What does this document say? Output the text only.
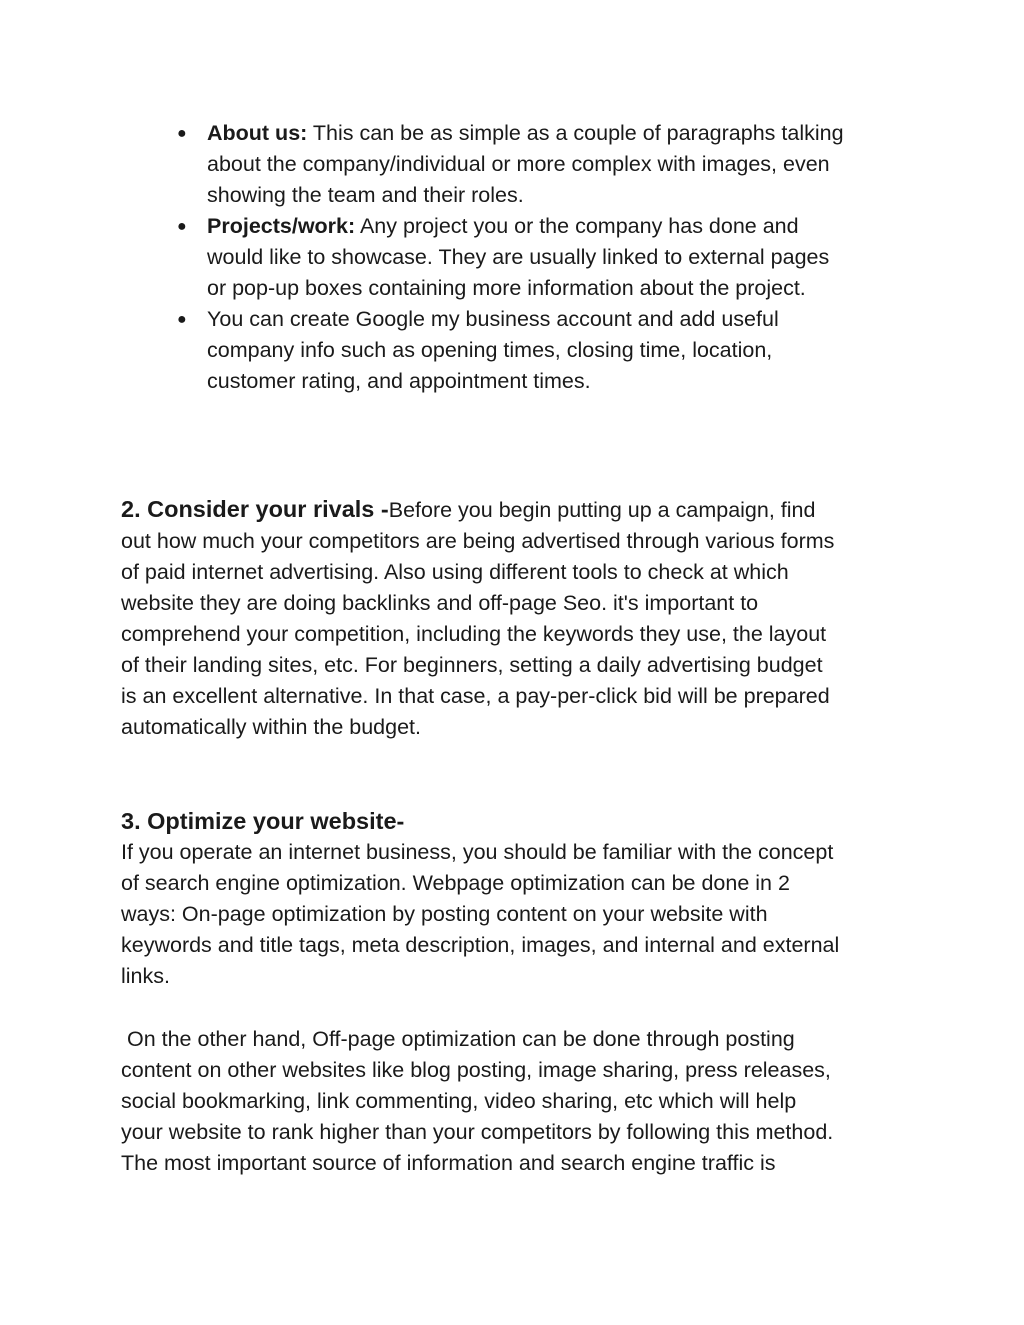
● About us: This can be as simple as a couple of paragraphs talking
about the company/individual or more complex with images, even
showing the team and their roles.
● Projects/work: Any project you or the company has done and
would like to showcase. They are usually linked to external pages
or pop-up boxes containing more information about the project.
● You can create Google my business account and add useful
company info such as opening times, closing time, location,
customer rating, and appointment times.
2. Consider your rivals -Before you begin putting up a campaign, find
out how much your competitors are being advertised through various forms
of paid internet advertising. Also using different tools to check at which
website they are doing backlinks and off-page Seo. it's important to
comprehend your competition, including the keywords they use, the layout
of their landing sites, etc. For beginners, setting a daily advertising budget
is an excellent alternative. In that case, a pay-per-click bid will be prepared
automatically within the budget.
3. Optimize your website-
If you operate an internet business, you should be familiar with the concept
of search engine optimization. Webpage optimization can be done in 2
ways: On-page optimization by posting content on your website with
keywords and title tags, meta description, images, and internal and external
links.
On the other hand, Off-page optimization can be done through posting
content on other websites like blog posting, image sharing, press releases,
social bookmarking, link commenting, video sharing, etc which will help
your website to rank higher than your competitors by following this method.
The most important source of information and search engine traffic is
